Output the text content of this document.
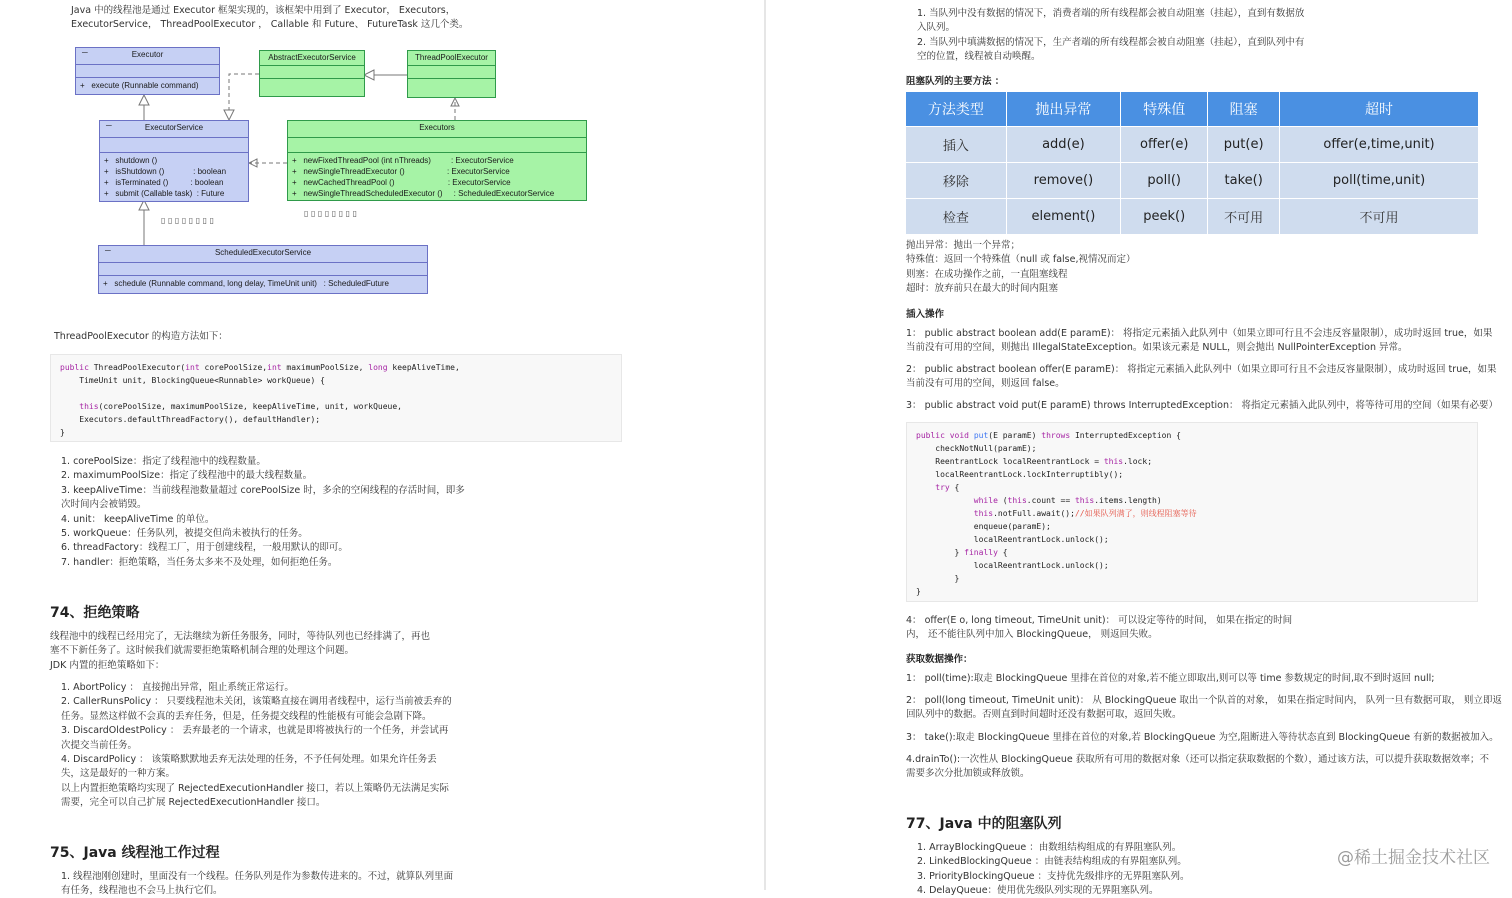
Java 中的线程池是通过 Executor 框架实现的，该框架中用到了 Executor， Executors，
ExecutorService， ThreadPoolExecutor ， Callable 和 Future、 FutureTask 这几个类。
Executor
─
+   execute (Runnable command)
AbstractExecutorService	ThreadPoolExecutor
ExecutorService
─
+   shutdown ()
+   isShutdown ()             : boolean
+   isTerminated ()          : boolean
+   submit (Callable task)  : Future
Executors
+   newFixedThreadPool (int nThreads)         : ExecutorService
+   newSingleThreadExecutor ()                   : ExecutorService
+   newCachedThreadPool ()                        : ExecutorService
+   newSingleThreadScheduledExecutor ()     : ScheduledExecutorService
▯ ▯ ▯ ▯ ▯ ▯ ▯ ▯
▯ ▯ ▯ ▯ ▯ ▯ ▯ ▯
ScheduledExecutorService
─
+   schedule (Runnable command, long delay, TimeUnit unit)   : ScheduledFuture
ThreadPoolExecutor 的构造方法如下：
public ThreadPoolExecutor(int corePoolSize,int maximumPoolSize, long keepAliveTime,
TimeUnit unit, BlockingQueue<Runnable> workQueue) {

this(corePoolSize, maximumPoolSize, keepAliveTime, unit, workQueue,
Executors.defaultThreadFactory(), defaultHandler);
}
1. corePoolSize：指定了线程池中的线程数量。
2. maximumPoolSize：指定了线程池中的最大线程数量。
3. keepAliveTime：当前线程池数量超过 corePoolSize 时，多余的空闲线程的存活时间，即多
次时间内会被销毁。
4. unit： keepAliveTime 的单位。
5. workQueue：任务队列，被提交但尚未被执行的任务。
6. threadFactory：线程工厂，用于创建线程，一般用默认的即可。
7. handler：拒绝策略，当任务太多来不及处理，如何拒绝任务。
74、拒绝策略
线程池中的线程已经用完了，无法继续为新任务服务，同时，等待队列也已经排满了，再也
塞不下新任务了。这时候我们就需要拒绝策略机制合理的处理这个问题。
JDK 内置的拒绝策略如下：
1. AbortPolicy ： 直接抛出异常，阻止系统正常运行。
2. CallerRunsPolicy ： 只要线程池未关闭，该策略直接在调用者线程中，运行当前被丢弃的
任务。显然这样做不会真的丢弃任务，但是，任务提交线程的性能极有可能会急剧下降。
3. DiscardOldestPolicy ： 丢弃最老的一个请求，也就是即将被执行的一个任务，并尝试再
次提交当前任务。
4. DiscardPolicy ： 该策略默默地丢弃无法处理的任务，不予任何处理。如果允许任务丢
失，这是最好的一种方案。
以上内置拒绝策略均实现了 RejectedExecutionHandler 接口，若以上策略仍无法满足实际
需要，完全可以自己扩展 RejectedExecutionHandler 接口。
75、Java 线程池工作过程
1. 线程池刚创建时，里面没有一个线程。任务队列是作为参数传进来的。不过，就算队列里面
有任务，线程池也不会马上执行它们。
1. 当队列中没有数据的情况下，消费者端的所有线程都会被自动阻塞（挂起），直到有数据放
入队列。
2. 当队列中填满数据的情况下，生产者端的所有线程都会被自动阻塞（挂起），直到队列中有
空的位置，线程被自动唤醒。
阻塞队列的主要方法 ：
方法类型	抛出异常	特殊值	阻塞	超时
插入	add(e)	offer(e)	put(e)	offer(e,time,unit)
移除	remove()	poll()	take()	poll(time,unit)
检查	element()	peek()	不可用	不可用
抛出异常：抛出一个异常；
特殊值：返回一个特殊值（null 或 false,视情况而定）
则塞：在成功操作之前，一直阻塞线程
超时：放弃前只在最大的时间内阻塞
插入操作
1： public abstract boolean add(E paramE)： 将指定元素插入此队列中（如果立即可行且不会违反容量限制），成功时返回 true，如果
当前没有可用的空间，则抛出 IllegalStateException。如果该元素是 NULL，则会抛出 NullPointerException 异常。
2： public abstract boolean offer(E paramE)： 将指定元素插入此队列中（如果立即可行且不会违反容量限制），成功时返回 true，如果
当前没有可用的空间，则返回 false。
3： public abstract void put(E paramE) throws InterruptedException： 将指定元素插入此队列中，将等待可用的空间（如果有必要）
public void put(E paramE) throws InterruptedException {
checkNotNull(paramE);
ReentrantLock localReentrantLock = this.lock;
localReentrantLock.lockInterruptibly();
try {
while (this.count == this.items.length)
this.notFull.await();//如果队列满了，则线程阻塞等待
enqueue(paramE);
localReentrantLock.unlock();
} finally {
localReentrantLock.unlock();
}
}
4： offer(E o, long timeout, TimeUnit unit)： 可以设定等待的时间， 如果在指定的时间
内， 还不能往队列中加入 BlockingQueue， 则返回失败。
获取数据操作：
1： poll(time):取走 BlockingQueue 里排在首位的对象,若不能立即取出,则可以等 time 参数规定的时间,取不到时返回 null;
2： poll(long timeout, TimeUnit unit)： 从 BlockingQueue 取出一个队首的对象， 如果在指定时间内， 队列一旦有数据可取， 则立即返
回队列中的数据。否则直到时间超时还没有数据可取，返回失败。
3： take():取走 BlockingQueue 里排在首位的对象,若 BlockingQueue 为空,阻断进入等待状态直到 BlockingQueue 有新的数据被加入。
4.drainTo():一次性从 BlockingQueue 获取所有可用的数据对象（还可以指定获取数据的个数），通过该方法，可以提升获取数据效率；不
需要多次分批加锁或释放锁。
77、Java 中的阻塞队列
1. ArrayBlockingQueue ：由数组结构组成的有界阻塞队列。
2. LinkedBlockingQueue ：由链表结构组成的有界阻塞队列。
3. PriorityBlockingQueue ：支持优先级排序的无界阻塞队列。
4. DelayQueue：使用优先级队列实现的无界阻塞队列。
@稀土掘金技术社区
